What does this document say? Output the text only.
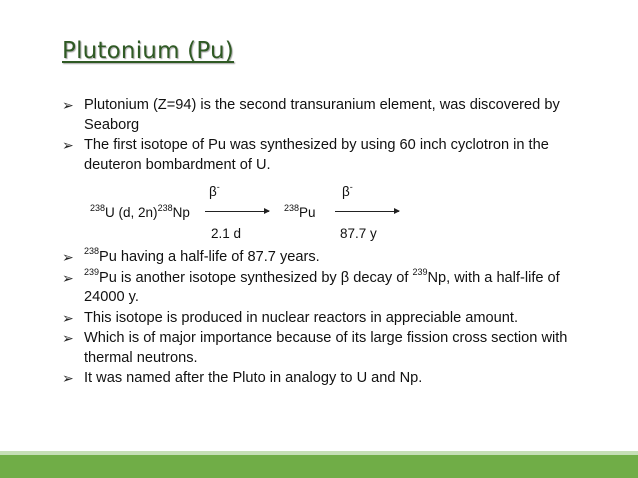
Plutonium (Pu)

➢ Plutonium (Z=94) is the second transuranium element, was discovered by Seaborg

➢ The first isotope of Pu was synthesized by using 60 inch cyclotron in the deuteron bombardment of U.

β-	β-
$^{238}$U (d, 2n)$^{238}$Np	$^{238}$Pu
2.1 d	87.7 y

➢ $^{238}$Pu having a half-life of 87.7 years.

➢ $^{239}$Pu is another isotope synthesized by β decay of $^{239}$Np, with a half-life of 24000 y.

➢ This isotope is produced in nuclear reactors in appreciable amount.

➢ Which is of major importance because of its large fission cross section with thermal neutrons.

➢ It was named after the Pluto in analogy to U and Np.
